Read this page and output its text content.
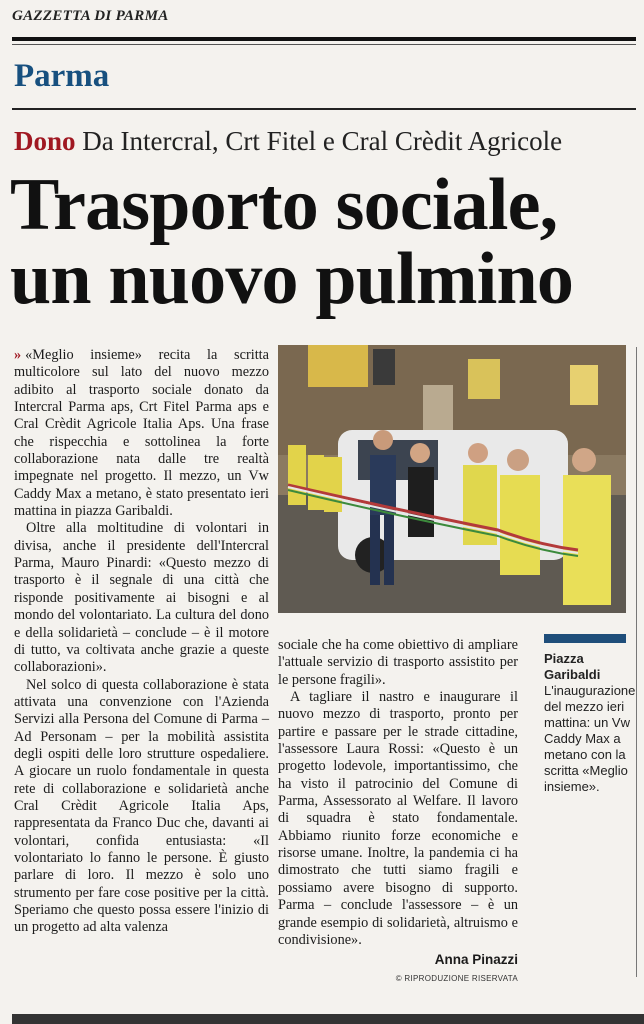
GAZZETTA DI PARMA
Parma
Dono Da Intercral, Crt Fitel e Cral Crèdit Agricole
Trasporto sociale,
un nuovo pulmino

» «Meglio insieme» recita la scritta multicolore sul lato del nuovo mezzo adibito al trasporto sociale donato da Intercral Parma aps, Crt Fitel Parma aps e Cral Crèdit Agricole Italia Aps. Una frase che rispecchia e sottolinea la forte collaborazione nata dalle tre realtà impegnate nel progetto. Il mezzo, un Vw Caddy Max a metano, è stato presentato ieri mattina in piazza Garibaldi.

Oltre alla moltitudine di volontari in divisa, anche il presidente dell'Intercral Parma, Mauro Pinardi: «Questo mezzo di trasporto è il segnale di una città che risponde positivamente ai bisogni e al mondo del volontariato. La cultura del dono e della solidarietà – conclude – è il motore di tutto, va coltivata anche grazie a queste collaborazioni».

Nel solco di questa collaborazione è stata attivata una convenzione con l'Azienda Servizi alla Persona del Comune di Parma – Ad Personam – per la mobilità assistita degli ospiti delle loro strutture ospedaliere. A giocare un ruolo fondamentale in questa rete di collaborazione e solidarietà anche Cral Crèdit Agricole Italia Aps, rappresentata da Franco Duc che, davanti ai volontari, confida entusiasta: «Il volontariato lo fanno le persone. È giusto parlare di loro. Il mezzo è solo uno strumento per fare cose positive per la città. Speriamo che questo possa essere l'inizio di un progetto ad alta valenza

sociale che ha come obiettivo di ampliare l'attuale servizio di trasporto assistito per le persone fragili».

A tagliare il nastro e inaugurare il nuovo mezzo di trasporto, pronto per partire e passare per le strade cittadine, l'assessore Laura Rossi: «Questo è un progetto lodevole, importantissimo, che ha visto il patrocinio del Comune di Parma, Assessorato al Welfare. Il lavoro di squadra è stato fondamentale. Abbiamo riunito forze economiche e risorse umane. Inoltre, la pandemia ci ha dimostrato che tutti siamo fragili e possiamo avere bisogno di supporto. Parma – conclude l'assessore – è un grande esempio di solidarietà, altruismo e condivisione».

Anna Pinazzi
© RIPRODUZIONE RISERVATA
Piazza Garibaldi
L'inaugurazione del mezzo ieri mattina: un Vw Caddy Max a metano con la scritta «Meglio insieme».
